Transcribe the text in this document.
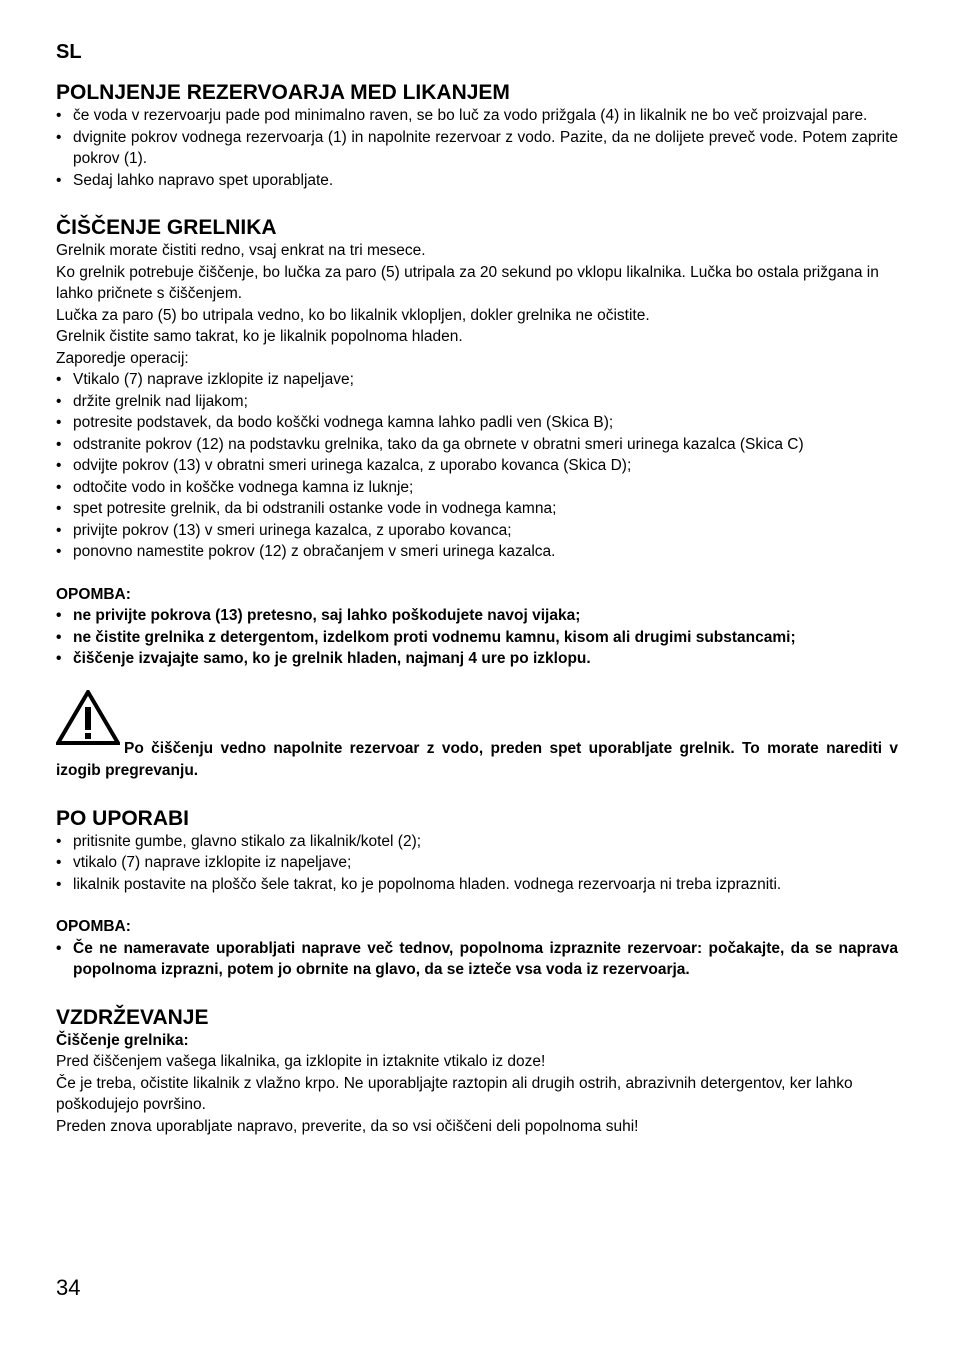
SL
POLNJENJE REZERVOARJA MED LIKANJEM
• če voda v rezervoarju pade pod minimalno raven, se bo luč za vodo prižgala (4) in likalnik ne bo več proizvajal pare.
• dvignite pokrov vodnega rezervoarja (1) in napolnite rezervoar z vodo. Pazite, da ne dolijete preveč vode. Potem zaprite pokrov (1).
• Sedaj lahko napravo spet uporabljate.
ČIŠČENJE GRELNIKA

Grelnik morate čistiti redno, vsaj enkrat na tri mesece.

Ko grelnik potrebuje čiščenje, bo lučka za paro (5) utripala za 20 sekund po vklopu likalnika. Lučka bo ostala prižgana in lahko pričnete s čiščenjem.

Lučka za paro (5) bo utripala vedno, ko bo likalnik vklopljen, dokler grelnika ne očistite.

Grelnik čistite samo takrat, ko je likalnik popolnoma hladen.

Zaporedje operacij:

• Vtikalo (7) naprave izklopite iz napeljave;
• držite grelnik nad lijakom;
• potresite podstavek, da bodo koščki vodnega kamna lahko padli ven (Skica B);
• odstranite pokrov (12) na podstavku grelnika, tako da ga obrnete v obratni smeri urinega kazalca (Skica C)
• odvijte pokrov (13) v obratni smeri urinega kazalca, z uporabo kovanca (Skica D);
• odtočite vodo in koščke vodnega kamna iz luknje;
• spet potresite grelnik, da bi odstranili ostanke vode in vodnega kamna;
• privijte pokrov (13) v smeri urinega kazalca, z uporabo kovanca;
• ponovno namestite pokrov (12) z obračanjem v smeri urinega kazalca.

OPOMBA:

• ne privijte pokrova (13) pretesno, saj lahko poškodujete navoj vijaka;
• ne čistite grelnika z detergentom, izdelkom proti vodnemu kamnu, kisom ali drugimi substancami;
• čiščenje izvajajte samo, ko je grelnik hladen, najmanj 4 ure po izklopu.
Po čiščenju vedno napolnite rezervoar z vodo, preden spet uporabljate grelnik. To morate narediti v izogib pregrevanju.
PO UPORABI
• pritisnite gumbe, glavno stikalo za likalnik/kotel (2);
• vtikalo (7) naprave izklopite iz napeljave;
• likalnik postavite na ploščo šele takrat, ko je popolnoma hladen. vodnega rezervoarja ni treba izprazniti.

OPOMBA:

• Če ne nameravate uporabljati naprave več tednov, popolnoma izpraznite rezervoar: počakajte, da se naprava popolnoma izprazni, potem jo obrnite na glavo, da se izteče vsa voda iz rezervoarja.
VZDRŽEVANJE

Čiščenje grelnika:

Pred čiščenjem vašega likalnika, ga izklopite in iztaknite vtikalo iz doze!

Če je treba, očistite likalnik z vlažno krpo. Ne uporabljajte raztopin ali drugih ostrih, abrazivnih detergentov, ker lahko poškodujejo površino.

Preden znova uporabljate napravo, preverite, da so vsi očiščeni deli popolnoma suhi!

34
